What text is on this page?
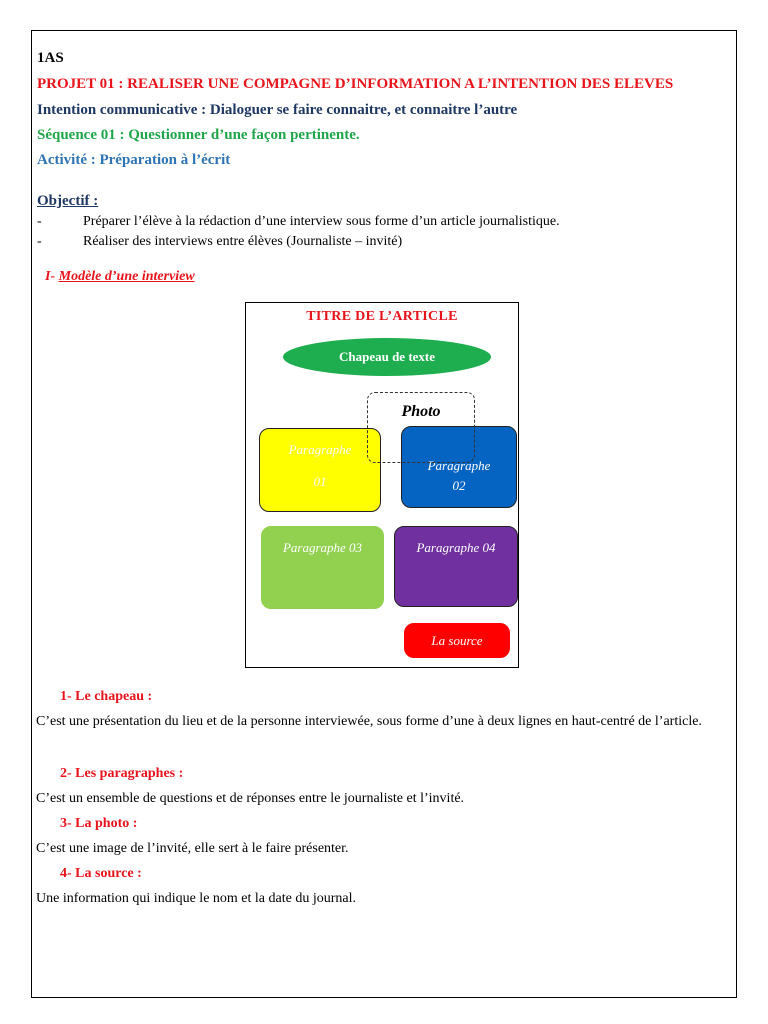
1AS
PROJET 01 : REALISER UNE COMPAGNE D’INFORMATION A L’INTENTION DES ELEVES
Intention communicative : Dialoguer se faire connaitre, et connaitre l’autre
Séquence 01 : Questionner d’une façon pertinente.
Activité : Préparation à l’écrit
Objectif :
-	Préparer l’élève à la rédaction d’une interview sous forme d’un article journalistique.
-	Réaliser des interviews entre élèves (Journaliste – invité)
I- Modèle d’une interview
TITRE DE L’ARTICLE
Chapeau de texte
Paragraphe
01
Paragraphe
02
Photo
Paragraphe 03	Paragraphe 04
La source
1- Le chapeau :
C’est une présentation du lieu et de la personne interviewée, sous forme d’une à deux lignes en haut-centré de l’article.
2- Les paragraphes :
C’est un ensemble de questions et de réponses entre le journaliste et l’invité.
3- La photo :
C’est une image de l’invité, elle sert à le faire présenter.
4- La source :
Une information qui indique le nom et la date du journal.
